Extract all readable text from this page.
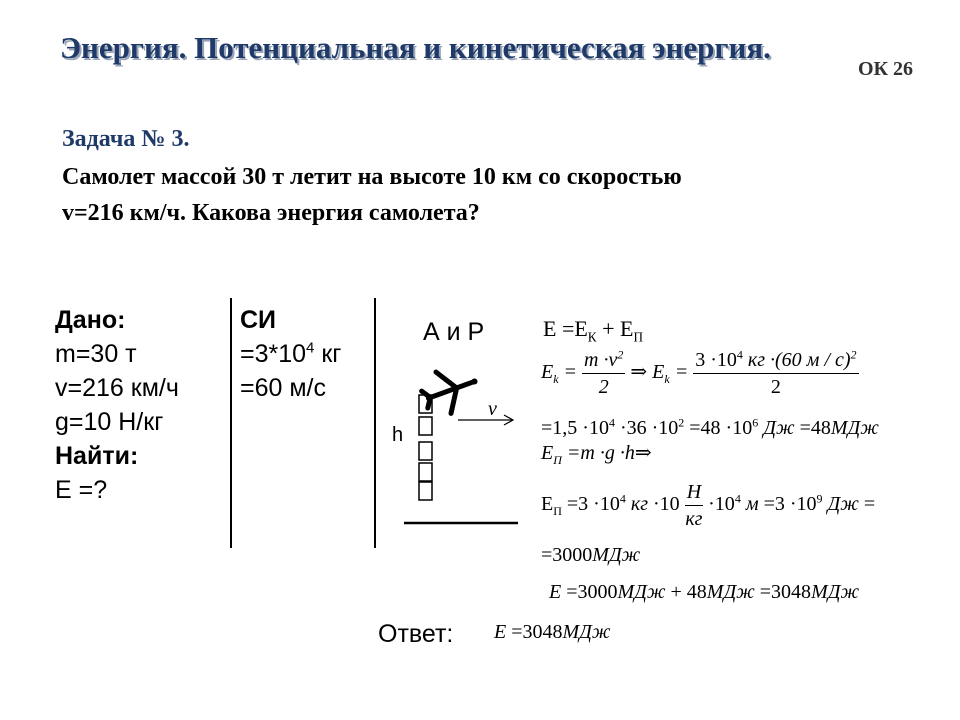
Энергия. Потенциальная и кинетическая энергия.
ОК 26
Задача № 3.
Самолет массой 30 т летит на высоте 10 км со скоростью
v=216 км/ч. Какова энергия самолета?
Дано:
m=30 т
v=216 км/ч
g=10 Н/кг
Найти:
E =?
СИ
$=3*10^4$ кг
=60 м/с
А и Р
v
h
$E =E_К + E_П$
$E_k = \frac{m \cdot v^2}{2}$ ⇒ $E_k = \frac{3 \cdot 10^4 кг \cdot(60 м / с)^2}{2}$
$=1,5 \cdot 10^4 \cdot 36 \cdot 10^2 =48 \cdot 10^6$ Дж =48МДж
$E_П =m \cdot g$ ·h⇒
$E_П =3 \cdot 10^4$ кг $\cdot 10 \frac{Н}{кг} \cdot 10^4$ $м =3 \cdot 10^9$ Дж =
=3000МДж
E =3000МДж + 48МДж =3048МДж
Ответ: E =3048МДж
